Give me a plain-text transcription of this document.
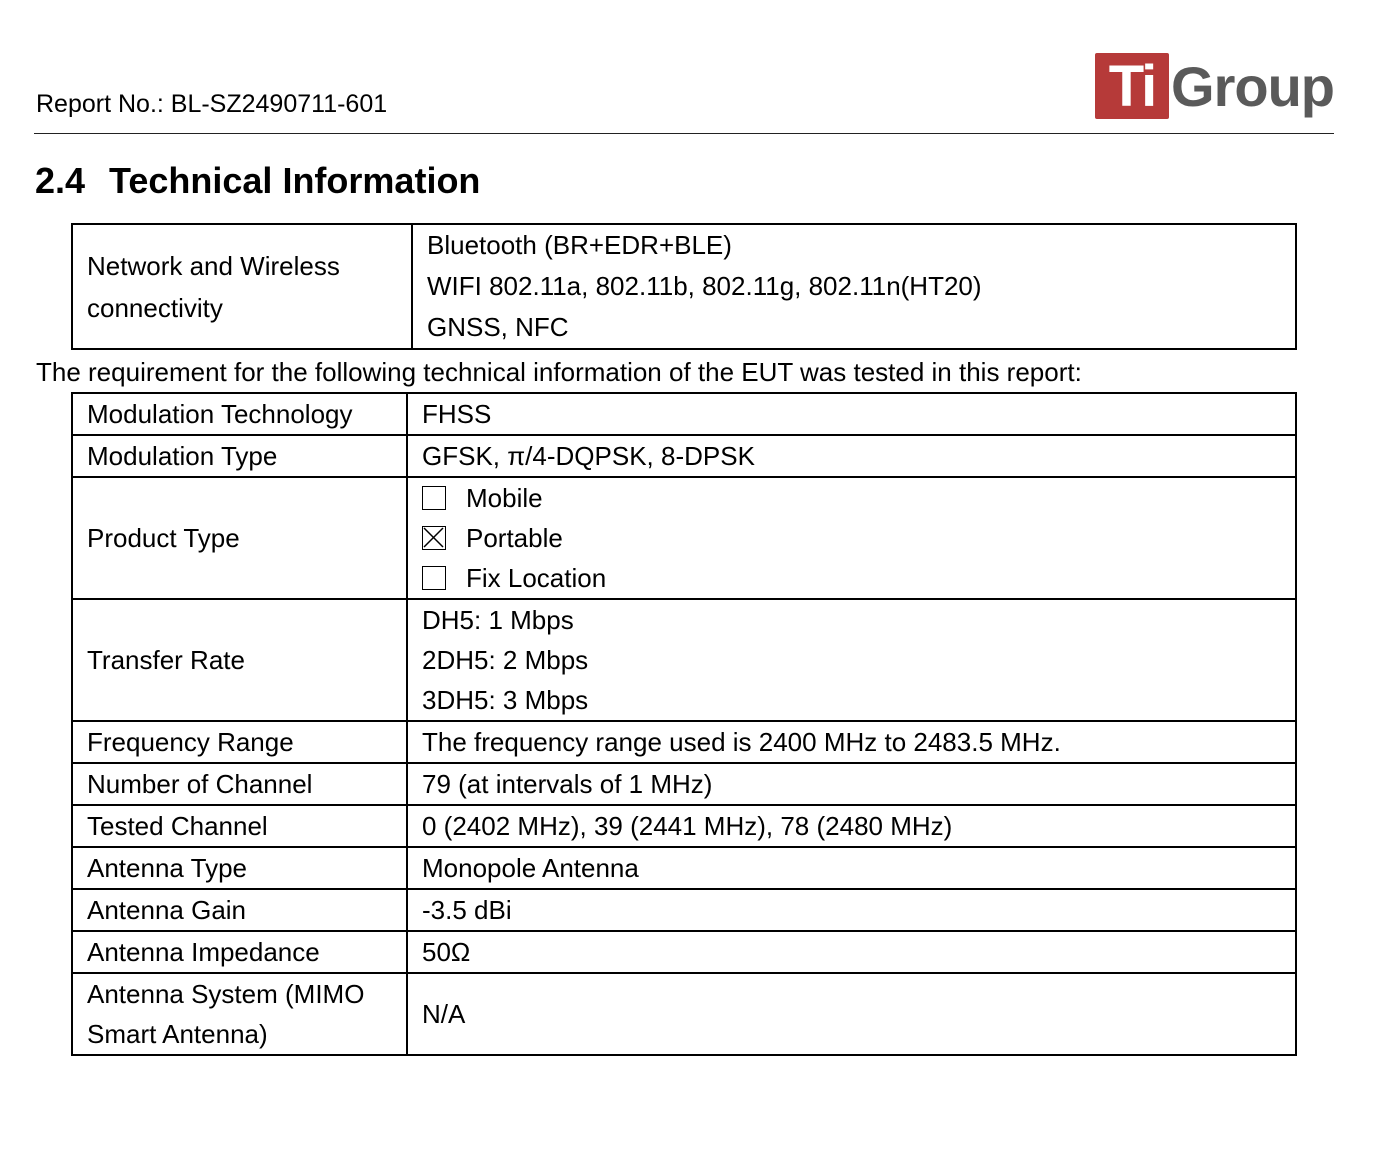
Report No.: BL-SZ2490711-601	Ti Group
2.4 Technical Information
Network and Wireless connectivity	
Bluetooth (BR+EDR+BLE)
WIFI 802.11a, 802.11b, 802.11g, 802.11n(HT20)
GNSS, NFC
The requirement for the following technical information of the EUT was tested in this report:
Modulation Technology	FHSS
Modulation Type	GFSK, π/4-DQPSK, 8-DPSK
Product Type	Mobile
Portable
Fix Location

Transfer Rate	DH5: 1 Mbps
2DH5: 2 Mbps
3DH5: 3 Mbps

Frequency Range	The frequency range used is 2400 MHz to 2483.5 MHz.
Number of Channel	79 (at intervals of 1 MHz)
Tested Channel	0 (2402 MHz), 39 (2441 MHz), 78 (2480 MHz)
Antenna Type	Monopole Antenna
Antenna Gain	-3.5 dBi
Antenna Impedance	50Ω

Antenna System (MIMO
Smart Antenna)	N/A
